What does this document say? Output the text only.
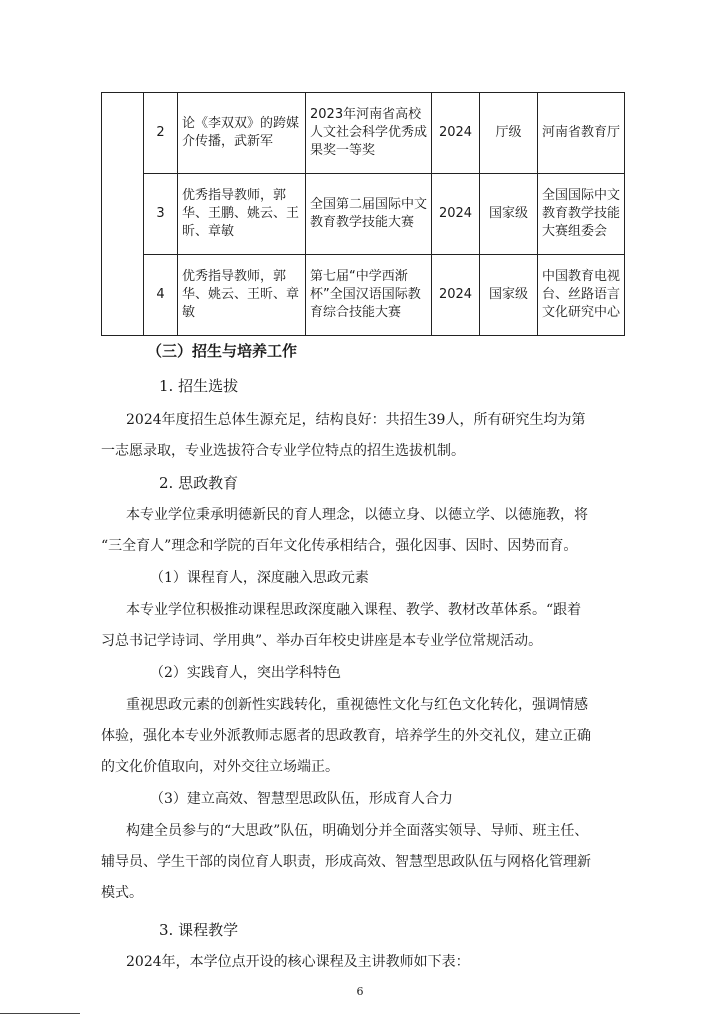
	2	论《李双双》的跨媒介传播，武新军	2023年河南省高校人文社会科学优秀成果奖一等奖	2024	厅级	河南省教育厅
	3	优秀指导教师，郭华、王鹏、姚云、王昕、章敏	全国第二届国际中文教育教学技能大赛	2024	国家级	全国国际中文教育教学技能大赛组委会
	4	优秀指导教师，郭华、姚云、王昕、章敏	第七届“中学西渐杯”全国汉语国际教育综合技能大赛	2024	国家级	中国教育电视台、丝路语言文化研究中心
（三）招生与培养工作
1. 招生选拔
2024年度招生总体生源充足，结构良好：共招生39人，所有研究生均为第
一志愿录取，专业选拔符合专业学位特点的招生选拔机制。
2. 思政教育
本专业学位秉承明德新民的育人理念，以德立身、以德立学、以德施教，将
“三全育人”理念和学院的百年文化传承相结合，强化因事、因时、因势而育。
（1）课程育人，深度融入思政元素
本专业学位积极推动课程思政深度融入课程、教学、教材改革体系。“跟着
习总书记学诗词、学用典”、举办百年校史讲座是本专业学位常规活动。
（2）实践育人，突出学科特色
重视思政元素的创新性实践转化，重视德性文化与红色文化转化，强调情感
体验，强化本专业外派教师志愿者的思政教育，培养学生的外交礼仪，建立正确
的文化价值取向，对外交往立场端正。
（3）建立高效、智慧型思政队伍，形成育人合力
构建全员参与的“大思政”队伍，明确划分并全面落实领导、导师、班主任、
辅导员、学生干部的岗位育人职责，形成高效、智慧型思政队伍与网格化管理新
模式。
3. 课程教学
2024年，本学位点开设的核心课程及主讲教师如下表：
6
